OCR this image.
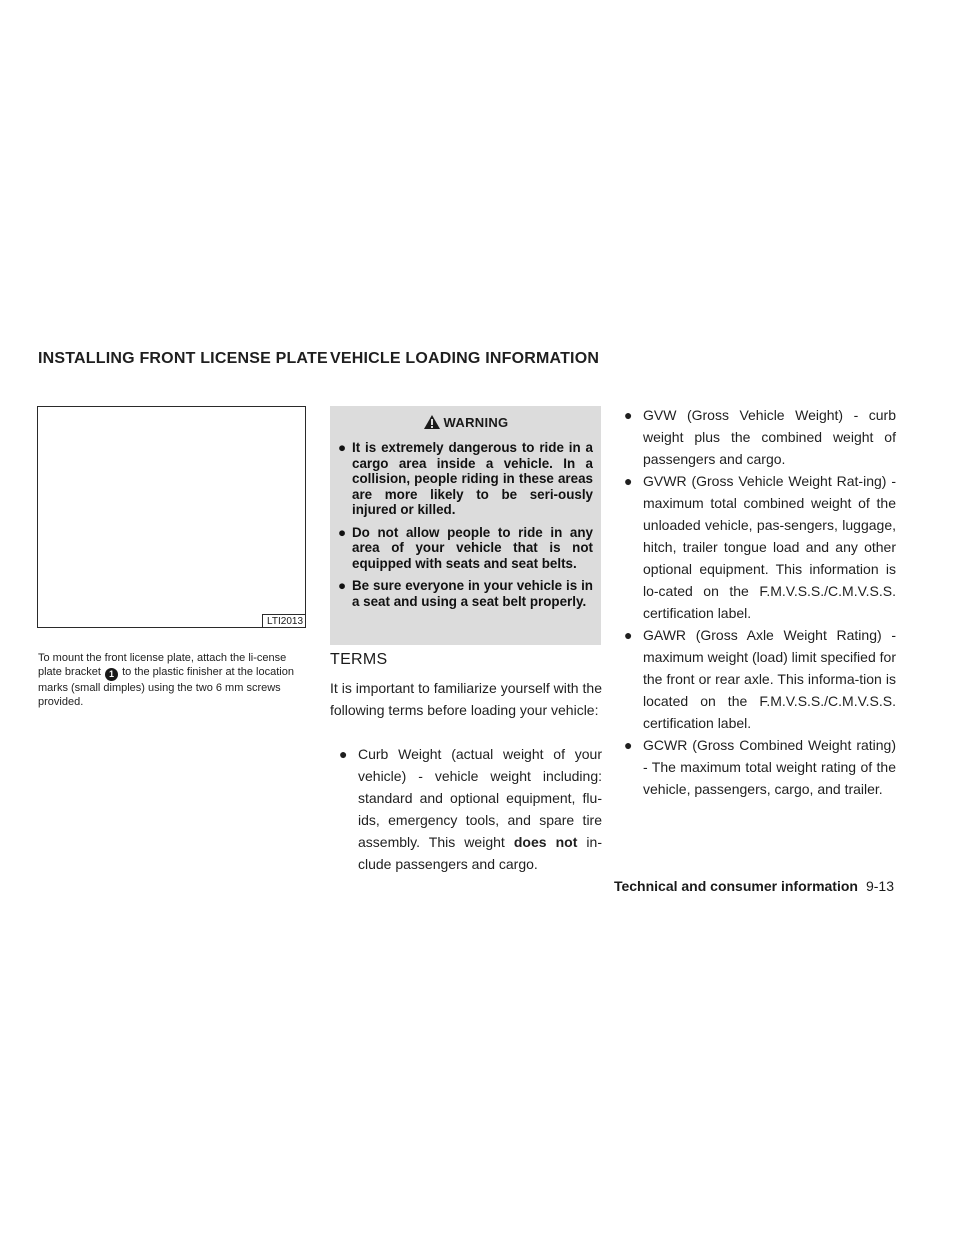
INSTALLING FRONT LICENSE PLATE VEHICLE LOADING INFORMATION
LTI2013
To mount the front license plate, attach the li-cense plate bracket 1 to the plastic finisher at the location marks (small dimples) using the two 6 mm screws provided.
WARNING
● It is extremely dangerous to ride in a cargo area inside a vehicle. In a collision, people riding in these areas are more likely to be seri-ously injured or killed.
● Do not allow people to ride in any area of your vehicle that is not equipped with seats and seat belts.
● Be sure everyone in your vehicle is in a seat and using a seat belt properly.
TERMS
It is important to familiarize yourself with the following terms before loading your vehicle:
● Curb Weight (actual weight of your vehicle) - vehicle weight including: standard and optional equipment, flu-ids, emergency tools, and spare tire assembly. This weight does not in-clude passengers and cargo.
● GVW (Gross Vehicle Weight) - curb weight plus the combined weight of passengers and cargo.
● GVWR (Gross Vehicle Weight Rat-ing) - maximum total combined weight of the unloaded vehicle, pas-sengers, luggage, hitch, trailer tongue load and any other optional equipment. This information is lo-cated on the F.M.V.S.S./C.M.V.S.S. certification label.
● GAWR (Gross Axle Weight Rating) - maximum weight (load) limit specified for the front or rear axle. This informa-tion is located on the F.M.V.S.S./C.M.V.S.S. certification label.
● GCWR (Gross Combined Weight rating) - The maximum total weight rating of the vehicle, passengers, cargo, and trailer.
Technical and consumer information 9-13
